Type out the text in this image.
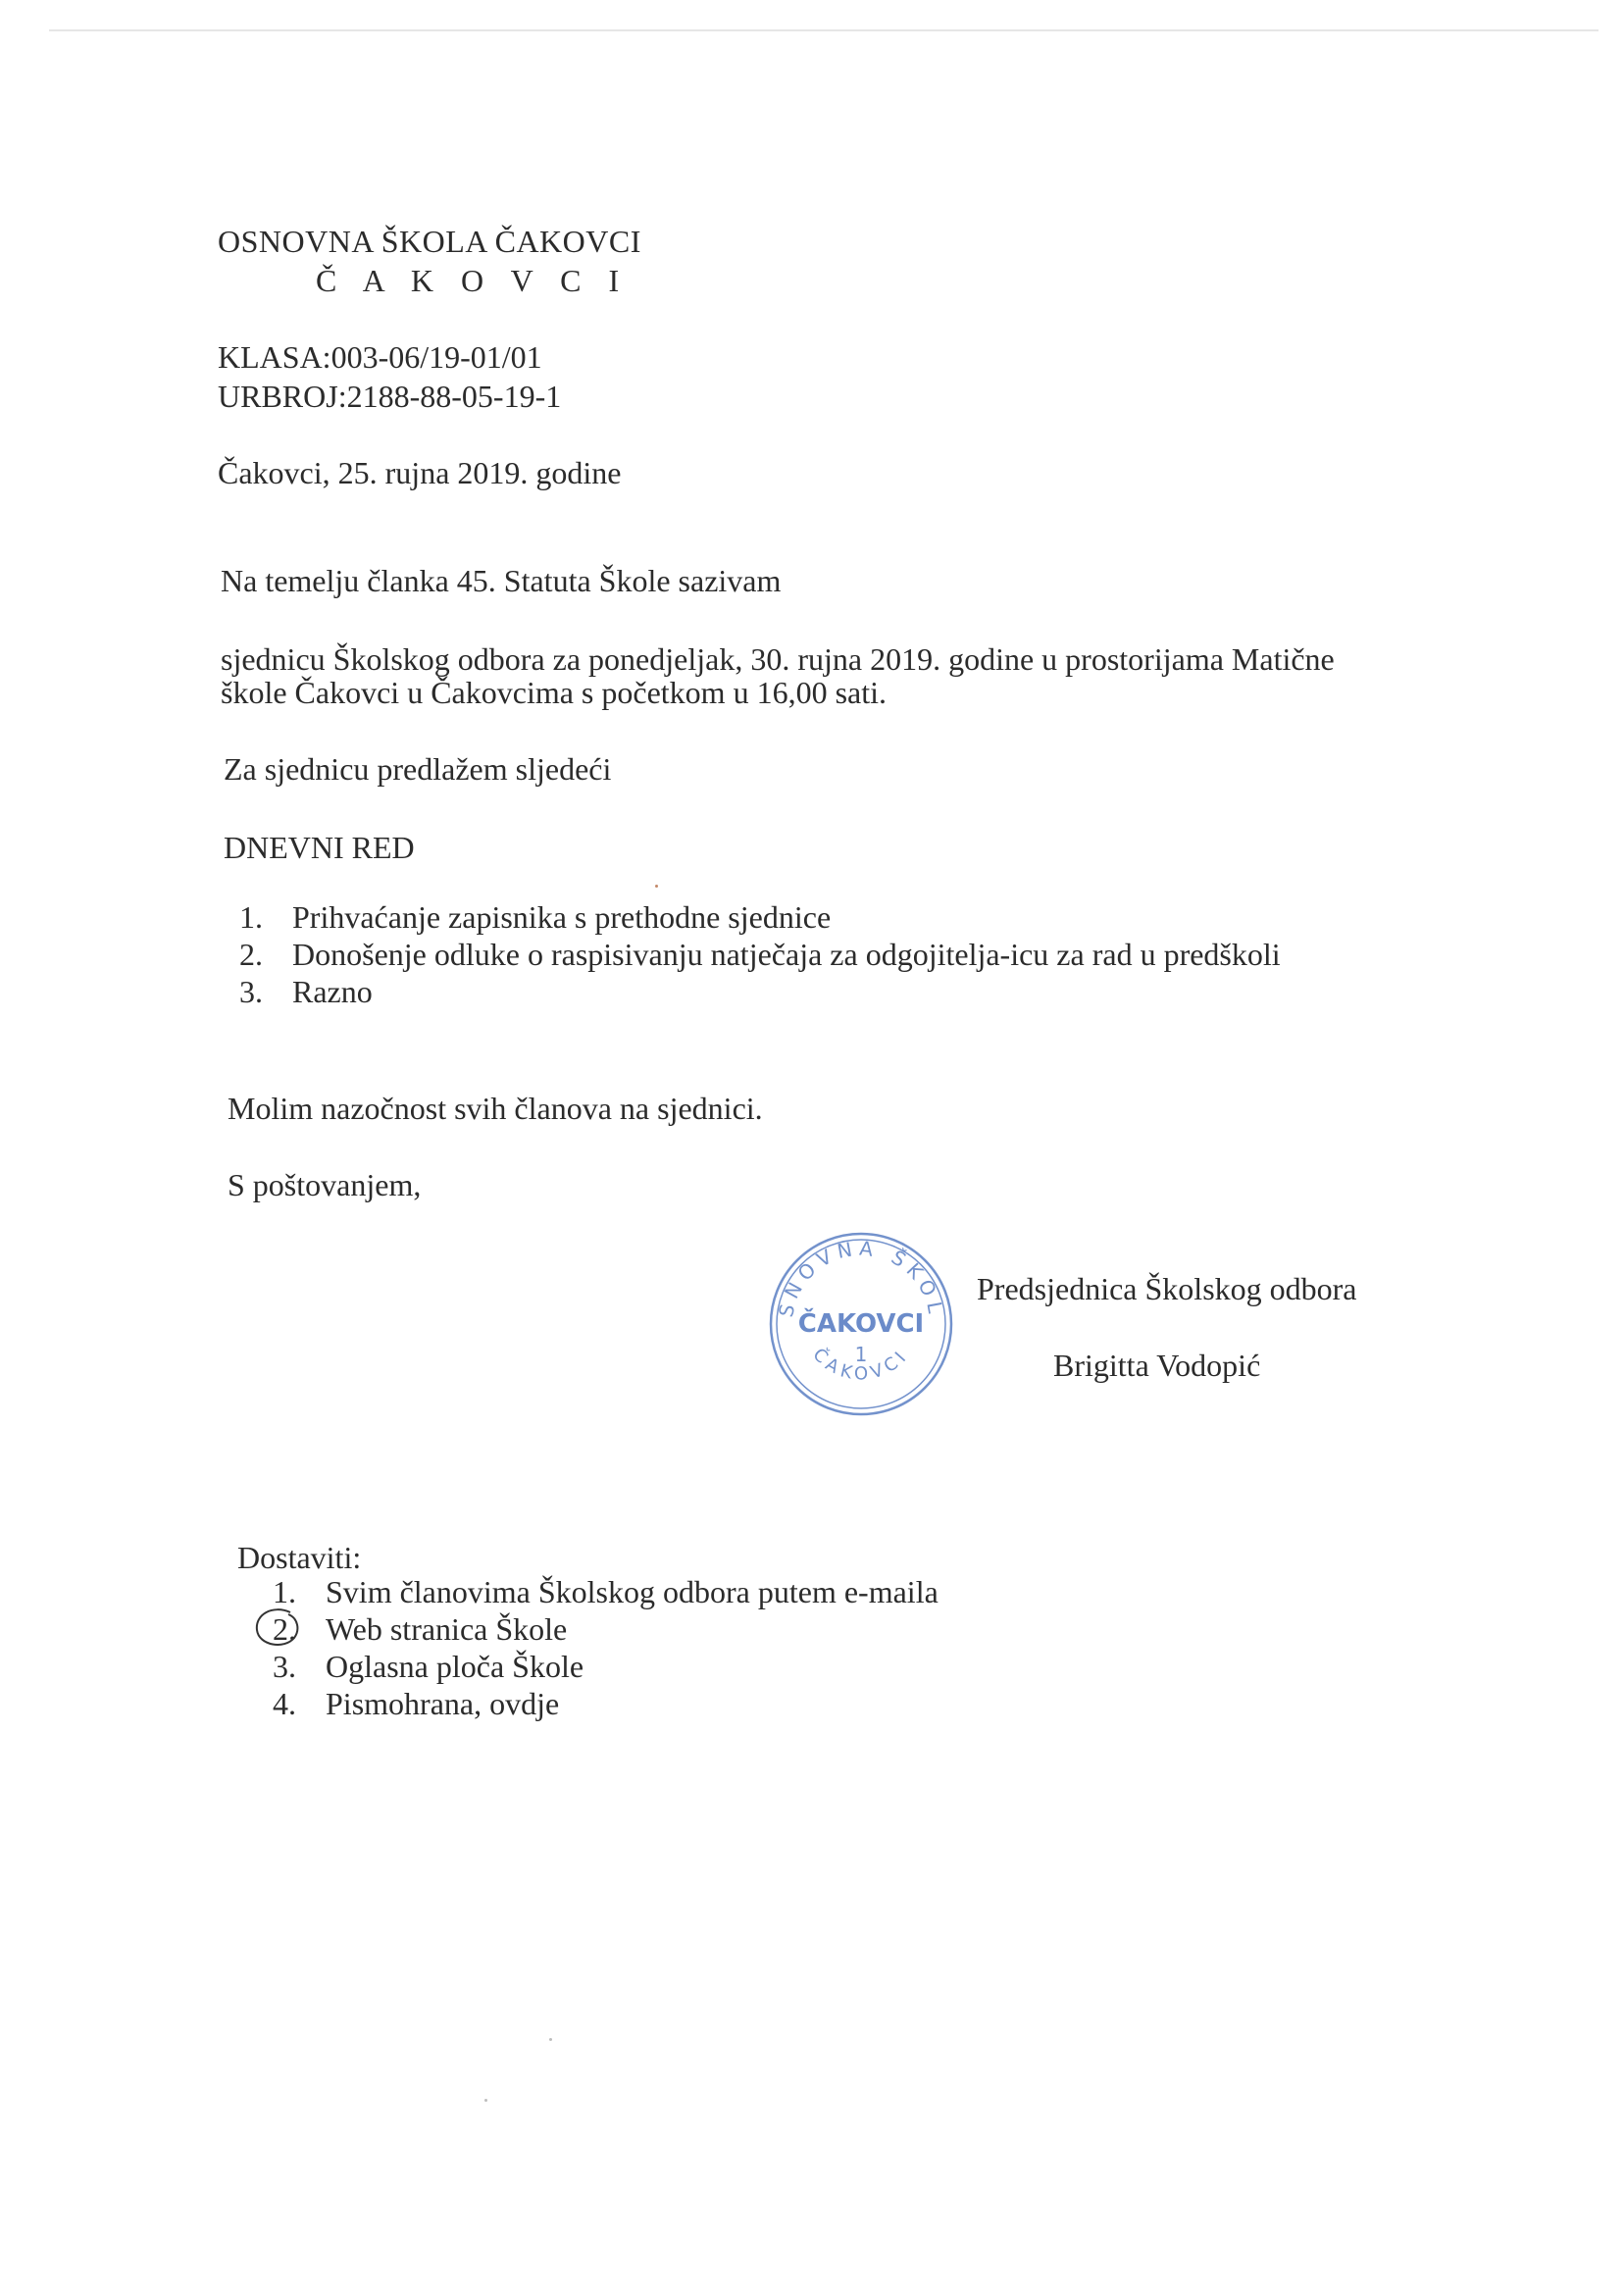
OSNOVNA ŠKOLA ČAKOVCI
Č A K O V C I
KLASA:003-06/19-01/01
URBROJ:2188-88-05-19-1
Čakovci, 25. rujna 2019. godine
Na temelju članka 45. Statuta Škole sazivam
sjednicu Školskog odbora za ponedjeljak, 30. rujna 2019. godine u prostorijama Matične
škole Čakovci u Čakovcima s početkom u 16,00 sati.
Za sjednicu predlažem sljedeći
DNEVNI RED
1. Prihvaćanje zapisnika s prethodne sjednice
2. Donošenje odluke o raspisivanju natječaja za odgojitelja-icu za rad u predškoli
3. Razno
Molim nazočnost svih članova na sjednici.
S poštovanjem,
SNOVNA ŠKOL
ČAKOVCI
1
ČAKOVCI
Predsjednica Školskog odbora
Brigitta Vodopić
Dostaviti:
1. Svim članovima Školskog odbora putem e-maila
2. Web stranica Škole
3. Oglasna ploča Škole
4. Pismohrana, ovdje
